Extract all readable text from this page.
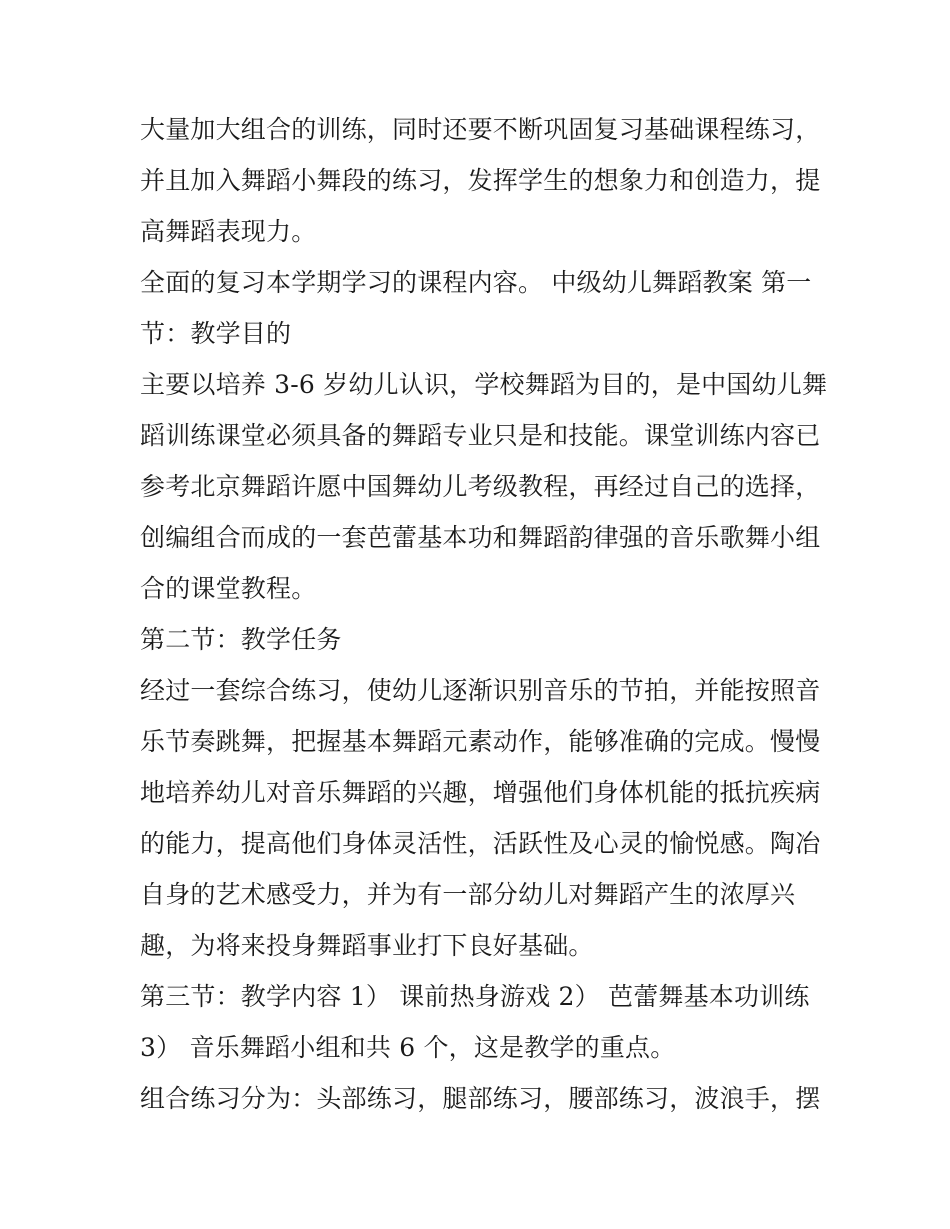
大量加大组合的训练，同时还要不断巩固复习基础课程练习，
并且加入舞蹈小舞段的练习，发挥学生的想象力和创造力，提
高舞蹈表现力。
全面的复习本学期学习的课程内容。 中级幼儿舞蹈教案 第一
节：教学目的
主要以培养 3-6 岁幼儿认识，学校舞蹈为目的，是中国幼儿舞
蹈训练课堂必须具备的舞蹈专业只是和技能。课堂训练内容已
参考北京舞蹈许愿中国舞幼儿考级教程，再经过自己的选择，
创编组合而成的一套芭蕾基本功和舞蹈韵律强的音乐歌舞小组
合的课堂教程。
第二节：教学任务
经过一套综合练习，使幼儿逐渐识别音乐的节拍，并能按照音
乐节奏跳舞，把握基本舞蹈元素动作，能够准确的完成。慢慢
地培养幼儿对音乐舞蹈的兴趣，增强他们身体机能的抵抗疾病
的能力，提高他们身体灵活性，活跃性及心灵的愉悦感。陶冶
自身的艺术感受力，并为有一部分幼儿对舞蹈产生的浓厚兴
趣，为将来投身舞蹈事业打下良好基础。
第三节：教学内容 1） 课前热身游戏 2） 芭蕾舞基本功训练
3） 音乐舞蹈小组和共 6 个，这是教学的重点。
组合练习分为：头部练习，腿部练习，腰部练习，波浪手，摆
